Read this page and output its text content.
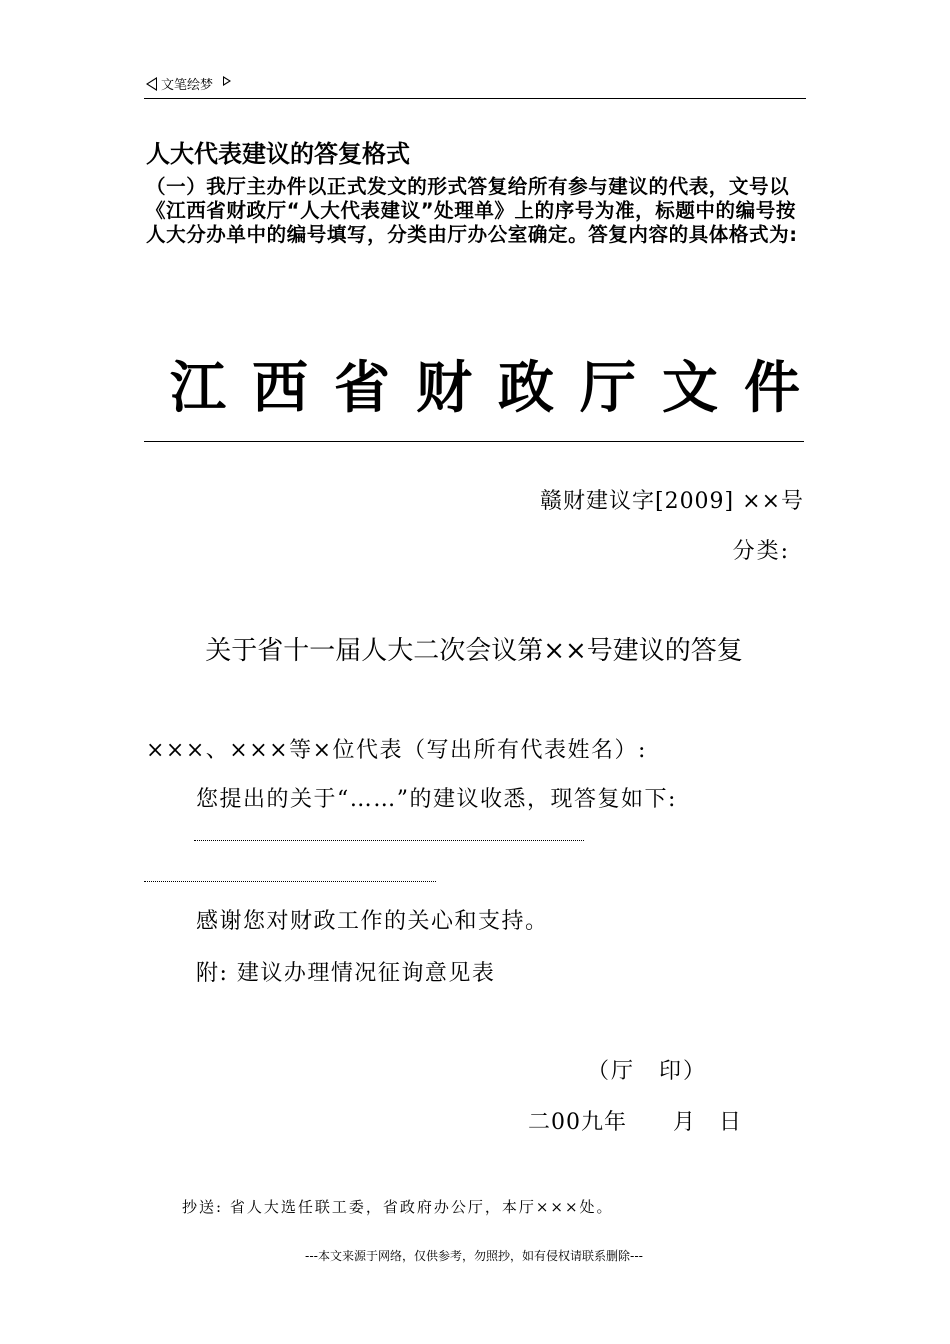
文笔绘梦
人大代表建议的答复格式
（一）我厅主办件以正式发文的形式答复给所有参与建议的代表，文号以《江西省财政厅“人大代表建议”处理单》上的序号为准，标题中的编号按人大分办单中的编号填写，分类由厅办公室确定。答复内容的具体格式为:
江西省财政厅文件
赣财建议字[2009] ××号
分类:
关于省十一届人大二次会议第××号建议的答复
×××、×××等×位代表（写出所有代表姓名）:
您提出的关于“……”的建议收悉，现答复如下:
感谢您对财政工作的关心和支持。
附: 建议办理情况征询意见表
（厅　印）
二00九年　　月　日
抄送: 省人大选任联工委，省政府办公厅，本厅×××处。
---本文来源于网络，仅供参考，勿照抄，如有侵权请联系删除---
